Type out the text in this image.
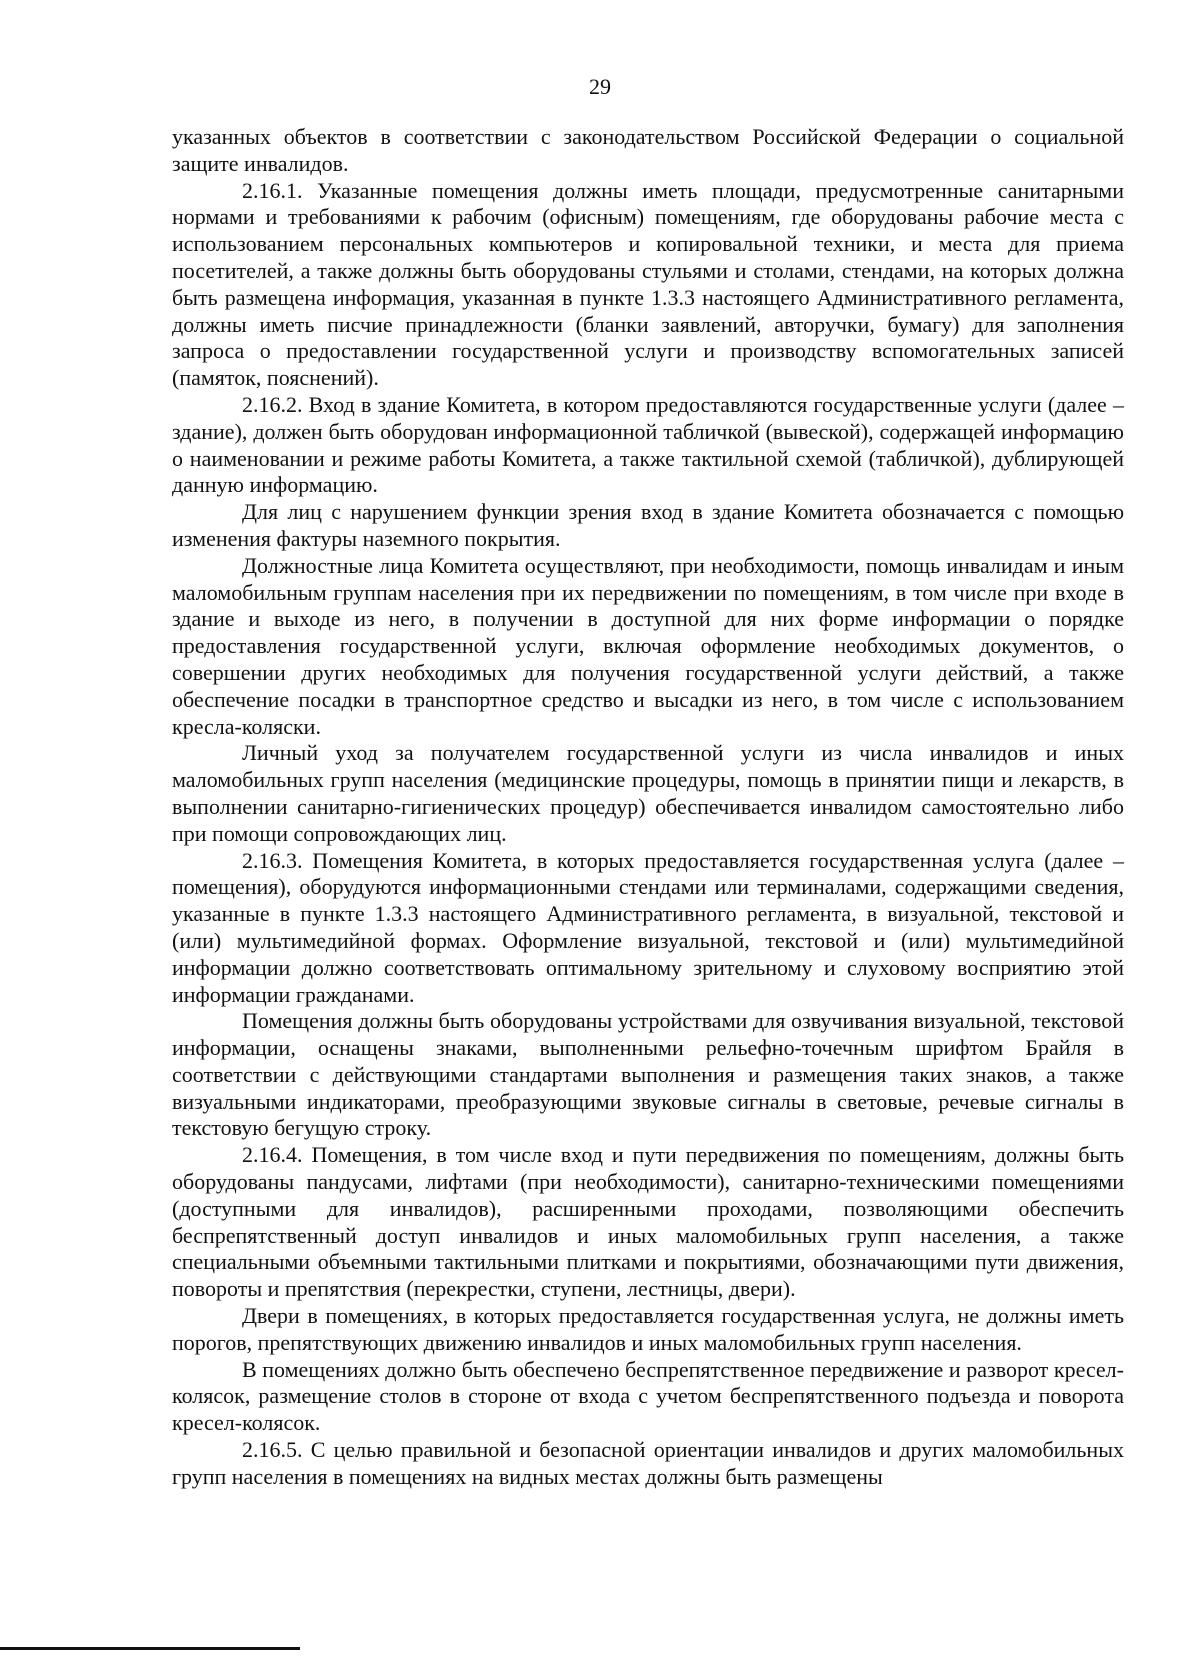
29

указанных объектов в соответствии с законодательством Российской Федерации о социальной защите инвалидов.

2.16.1. Указанные помещения должны иметь площади, предусмотренные санитарными нормами и требованиями к рабочим (офисным) помещениям, где оборудованы рабочие места с использованием персональных компьютеров и копировальной техники, и места для приема посетителей, а также должны быть оборудованы стульями и столами, стендами, на которых должна быть размещена информация, указанная в пункте 1.3.3 настоящего Административного регламента, должны иметь писчие принадлежности (бланки заявлений, авторучки, бумагу) для заполнения запроса о предоставлении государственной услуги и производству вспомогательных записей (памяток, пояснений).

2.16.2. Вход в здание Комитета, в котором предоставляются государственные услуги (далее – здание), должен быть оборудован информационной табличкой (вывеской), содержащей информацию о наименовании и режиме работы Комитета, а также тактильной схемой (табличкой), дублирующей данную информацию.

Для лиц с нарушением функции зрения вход в здание Комитета обозначается с помощью изменения фактуры наземного покрытия.

Должностные лица Комитета осуществляют, при необходимости, помощь инвалидам и иным маломобильным группам населения при их передвижении по помещениям, в том числе при входе в здание и выходе из него, в получении в доступной для них форме информации о порядке предоставления государственной услуги, включая оформление необходимых документов, о совершении других необходимых для получения государственной услуги действий, а также обеспечение посадки в транспортное средство и высадки из него, в том числе с использованием кресла-коляски.

Личный уход за получателем государственной услуги из числа инвалидов и иных маломобильных групп населения (медицинские процедуры, помощь в принятии пищи и лекарств, в выполнении санитарно-гигиенических процедур) обеспечивается инвалидом самостоятельно либо при помощи сопровождающих лиц.

2.16.3. Помещения Комитета, в которых предоставляется государственная услуга (далее – помещения), оборудуются информационными стендами или терминалами, содержащими сведения, указанные в пункте 1.3.3 настоящего Административного регламента, в визуальной, текстовой и (или) мультимедийной формах. Оформление визуальной, текстовой и (или) мультимедийной информации должно соответствовать оптимальному зрительному и слуховому восприятию этой информации гражданами.

Помещения должны быть оборудованы устройствами для озвучивания визуальной, текстовой информации, оснащены знаками, выполненными рельефно-точечным шрифтом Брайля в соответствии с действующими стандартами выполнения и размещения таких знаков, а также визуальными индикаторами, преобразующими звуковые сигналы в световые, речевые сигналы в текстовую бегущую строку.

2.16.4. Помещения, в том числе вход и пути передвижения по помещениям, должны быть оборудованы пандусами, лифтами (при необходимости), санитарно-техническими помещениями (доступными для инвалидов), расширенными проходами, позволяющими обеспечить беспрепятственный доступ инвалидов и иных маломобильных групп населения, а также специальными объемными тактильными плитками и покрытиями, обозначающими пути движения, повороты и препятствия (перекрестки, ступени, лестницы, двери).

Двери в помещениях, в которых предоставляется государственная услуга, не должны иметь порогов, препятствующих движению инвалидов и иных маломобильных групп населения.

В помещениях должно быть обеспечено беспрепятственное передвижение и разворот кресел-колясок, размещение столов в стороне от входа с учетом беспрепятственного подъезда и поворота кресел-колясок.

2.16.5. С целью правильной и безопасной ориентации инвалидов и других маломобильных групп населения в помещениях на видных местах должны быть размещены
